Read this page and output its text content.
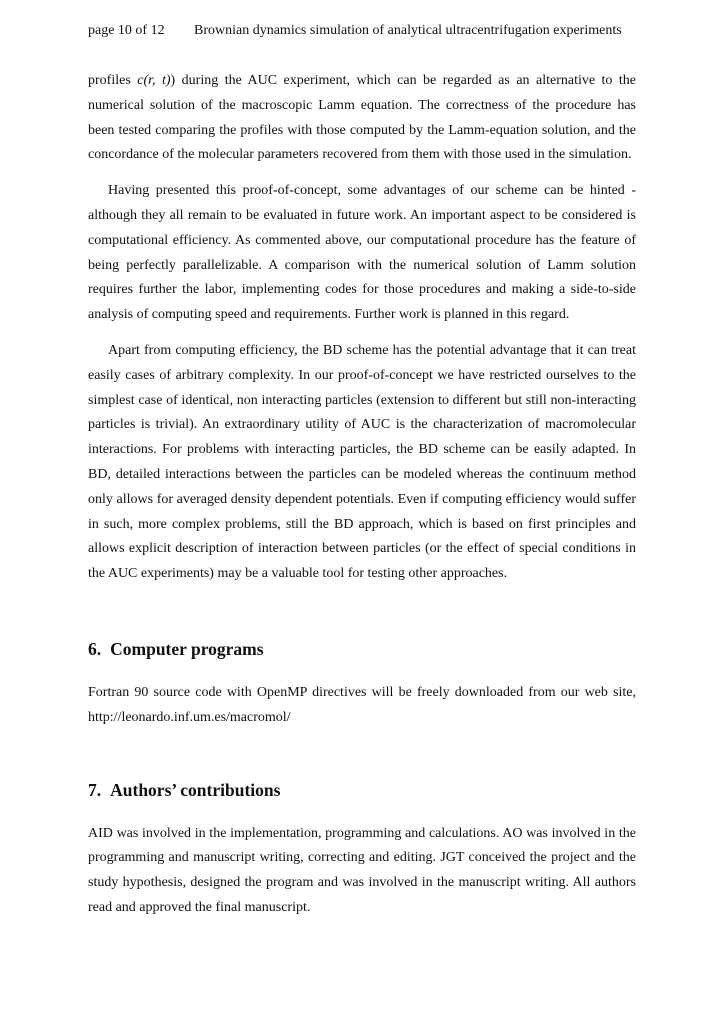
page 10 of 12	Brownian dynamics simulation of analytical ultracentrifugation experiments

profiles c(r, t)) during the AUC experiment, which can be regarded as an alternative to the numerical solution of the macroscopic Lamm equation. The correctness of the procedure has been tested comparing the profiles with those computed by the Lamm-equation solution, and the concordance of the molecular parameters recovered from them with those used in the simulation.

Having presented this proof-of-concept, some advantages of our scheme can be hinted - although they all remain to be evaluated in future work. An important aspect to be considered is computational efficiency. As commented above, our computational procedure has the feature of being perfectly parallelizable. A comparison with the numerical solution of Lamm solution requires further the labor, implementing codes for those procedures and making a side-to-side analysis of computing speed and requirements. Further work is planned in this regard.

Apart from computing efficiency, the BD scheme has the potential advantage that it can treat easily cases of arbitrary complexity. In our proof-of-concept we have restricted ourselves to the simplest case of identical, non interacting particles (extension to different but still non-interacting particles is trivial). An extraordinary utility of AUC is the characterization of macromolecular interactions. For problems with interacting particles, the BD scheme can be easily adapted. In BD, detailed interactions between the particles can be modeled whereas the continuum method only allows for averaged density dependent potentials. Even if computing efficiency would suffer in such, more complex problems, still the BD approach, which is based on first principles and allows explicit description of interaction between particles (or the effect of special conditions in the AUC experiments) may be a valuable tool for testing other approaches.

6. Computer programs

Fortran 90 source code with OpenMP directives will be freely downloaded from our web site, http://leonardo.inf.um.es/macromol/

7. Authors’ contributions

AID was involved in the implementation, programming and calculations. AO was involved in the programming and manuscript writing, correcting and editing. JGT conceived the project and the study hypothesis, designed the program and was involved in the manuscript writing. All authors read and approved the final manuscript.
